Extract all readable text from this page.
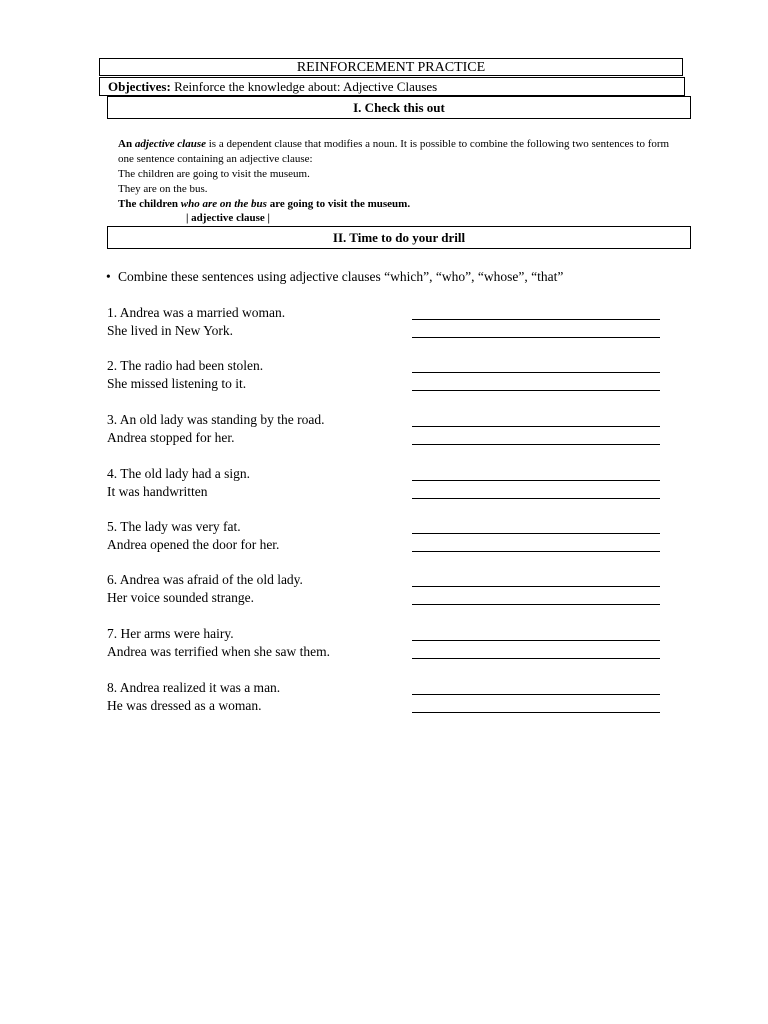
REINFORCEMENT PRACTICE
Objectives: Reinforce the knowledge about: Adjective Clauses
I. Check this out

An adjective clause is a dependent clause that modifies a noun. It is possible to combine the following two sentences to form one sentence containing an adjective clause:

The children are going to visit the museum.

They are on the bus.

The children who are on the bus are going to visit the museum.

| adjective clause |
II. Time to do your drill
• Combine these sentences using adjective clauses “which”, “who”, “whose”, “that”
1. Andrea was a married woman.
She lived in New York.
2. The radio had been stolen.
She missed listening to it.
3. An old lady was standing by the road.
Andrea stopped for her.
4. The old lady had a sign.
It was handwritten
5. The lady was very fat.
Andrea opened the door for her.
6. Andrea was afraid of the old lady.
Her voice sounded strange.
7. Her arms were hairy.
Andrea was terrified when she saw them.
8. Andrea realized it was a man.
He was dressed as a woman.
